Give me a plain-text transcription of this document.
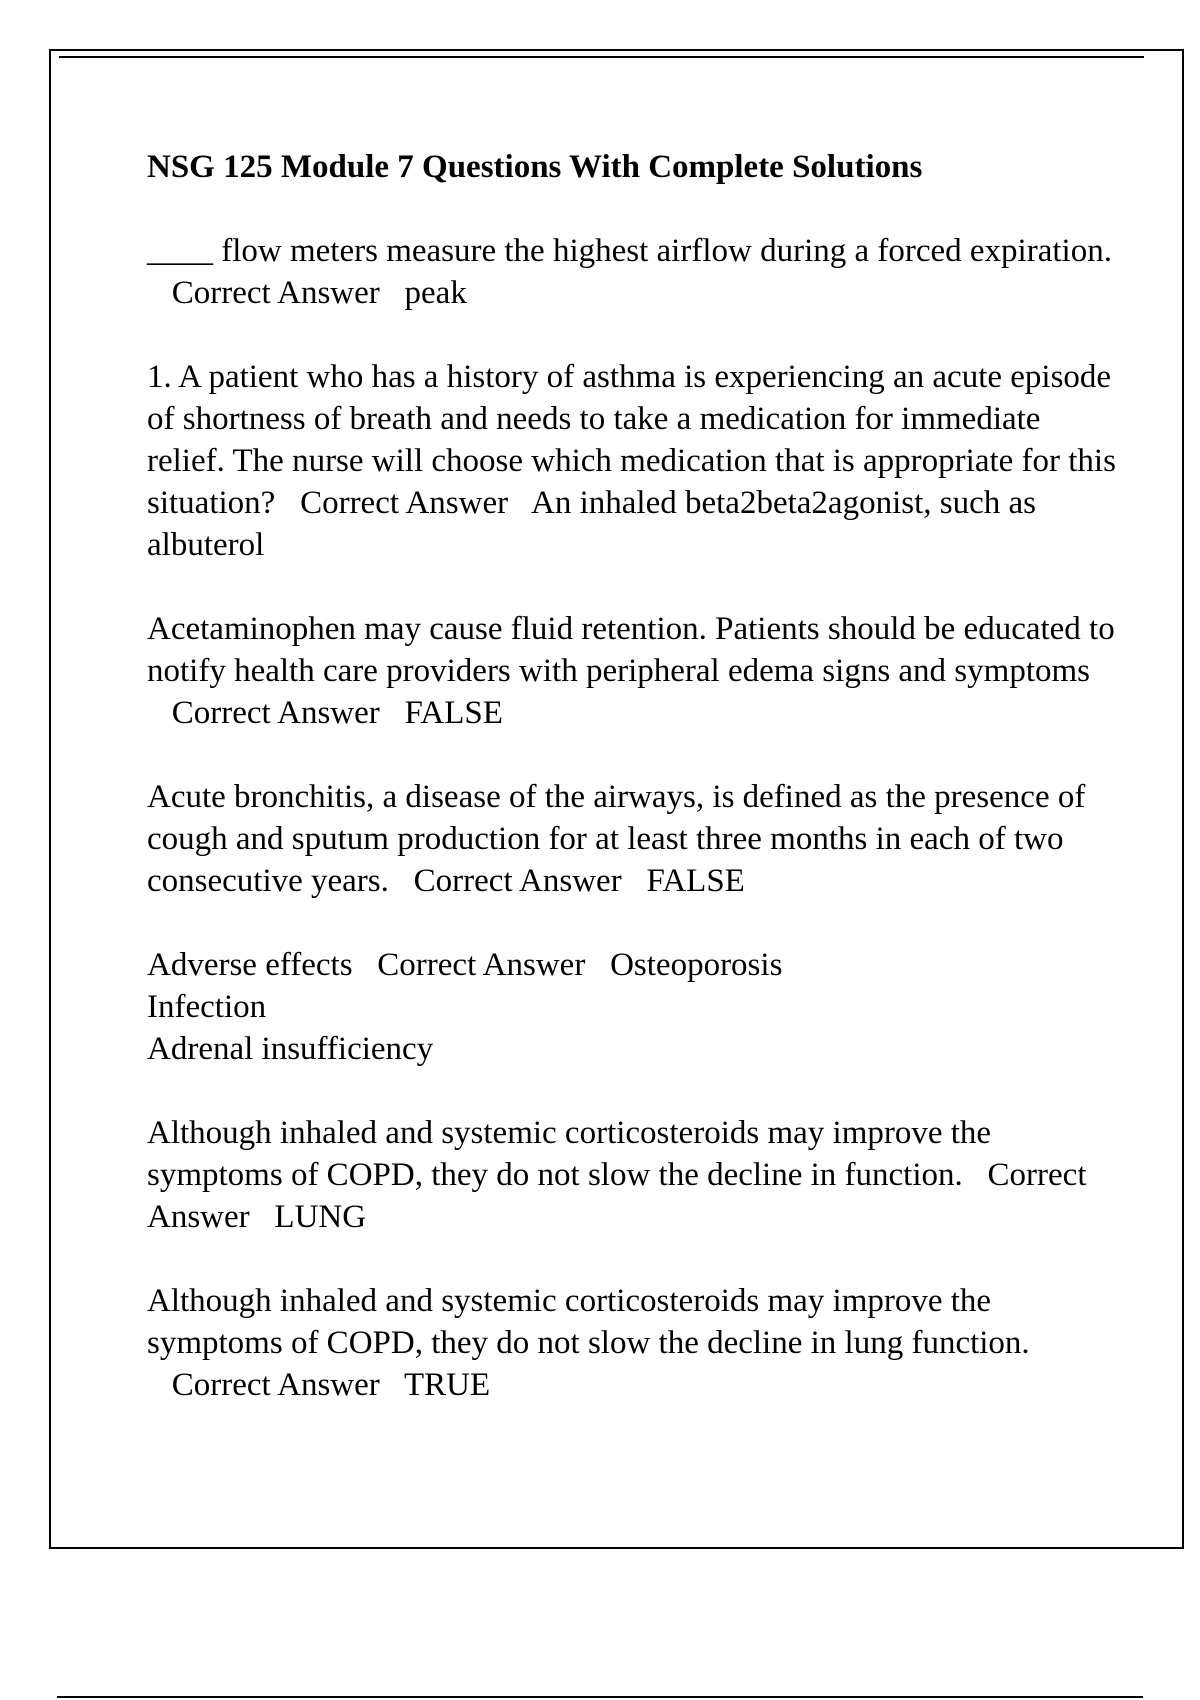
NSG 125 Module 7 Questions With Complete Solutions
____ flow meters measure the highest airflow during a forced expiration.   Correct Answer peak
1. A patient who has a history of asthma is experiencing an acute episode of shortness of breath and needs to take a medication for immediate relief. The nurse will choose which medication that is appropriate for this situation? Correct Answer An inhaled beta2beta2agonist, such as albuterol
Acetaminophen may cause fluid retention. Patients should be educated to notify health care providers with peripheral edema signs and symptoms   Correct Answer FALSE
Acute bronchitis, a disease of the airways, is defined as the presence of cough and sputum production for at least three months in each of two consecutive years. Correct Answer FALSE
Adverse effects Correct Answer Osteoporosis
Infection
Adrenal insufficiency
Although inhaled and systemic corticosteroids may improve the symptoms of COPD, they do not slow the decline in function. Correct Answer LUNG
Although inhaled and systemic corticosteroids may improve the symptoms of COPD, they do not slow the decline in lung function.   Correct Answer TRUE
